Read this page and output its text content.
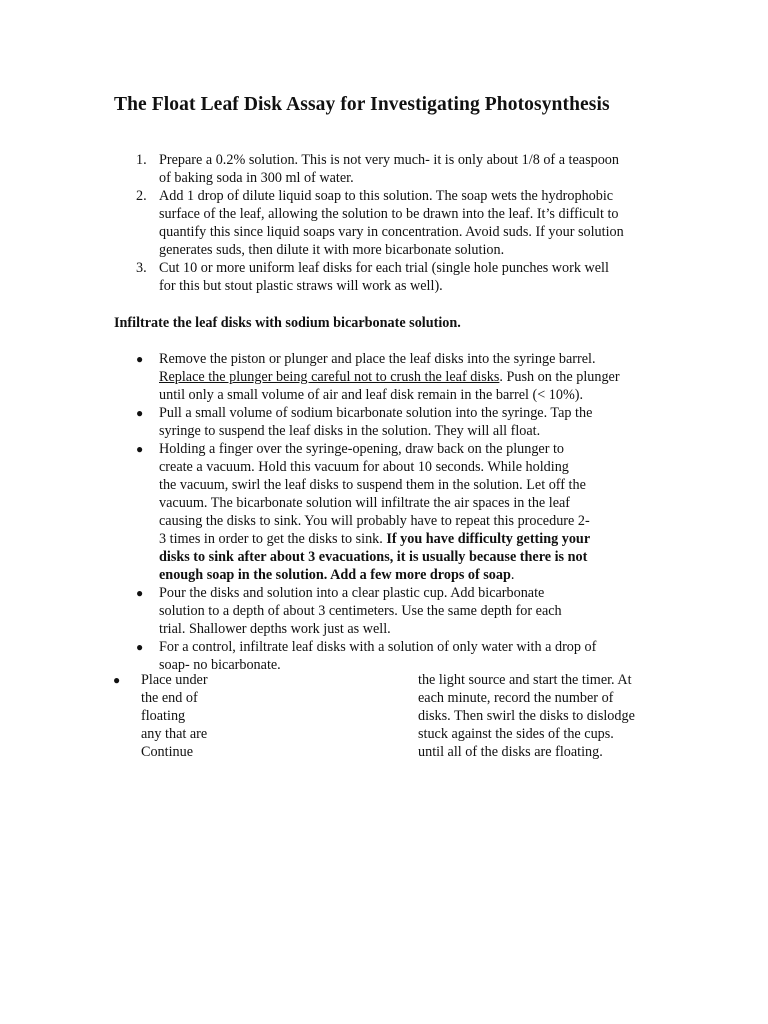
The Float Leaf Disk Assay for Investigating Photosynthesis
1. Prepare a 0.2% solution. This is not very much- it is only about 1/8 of a teaspoon
of baking soda in 300 ml of water.
2. Add 1 drop of dilute liquid soap to this solution. The soap wets the hydrophobic
surface of the leaf, allowing the solution to be drawn into the leaf. It’s difficult to
quantify this since liquid soaps vary in concentration. Avoid suds. If your solution
generates suds, then dilute it with more bicarbonate solution.
3. Cut 10 or more uniform leaf disks for each trial (single hole punches work well
for this but stout plastic straws will work as well).
Infiltrate the leaf disks with sodium bicarbonate solution.
● Remove the piston or plunger and place the leaf disks into the syringe barrel.
Replace the plunger being careful not to crush the leaf disks. Push on the plunger
until only a small volume of air and leaf disk remain in the barrel (< 10%).
● Pull a small volume of sodium bicarbonate solution into the syringe. Tap the
syringe to suspend the leaf disks in the solution. They will all float.
● Holding a finger over the syringe-opening, draw back on the plunger to
create a vacuum. Hold this vacuum for about 10 seconds. While holding
the vacuum, swirl the leaf disks to suspend them in the solution. Let off the
vacuum. The bicarbonate solution will infiltrate the air spaces in the leaf
causing the disks to sink. You will probably have to repeat this procedure 2-
3 times in order to get the disks to sink. If you have difficulty getting your
disks to sink after about 3 evacuations, it is usually because there is not
enough soap in the solution. Add a few more drops of soap.
● Pour the disks and solution into a clear plastic cup. Add bicarbonate
solution to a depth of about 3 centimeters. Use the same depth for each
trial. Shallower depths work just as well.
● For a control, infiltrate leaf disks with a solution of only water with a drop of
soap- no bicarbonate.
● Place under
the end of
floating
any that are
Continue
the light source and start the timer. At
each minute, record the number of
disks. Then swirl the disks to dislodge
stuck against the sides of the cups.
until all of the disks are floating.
